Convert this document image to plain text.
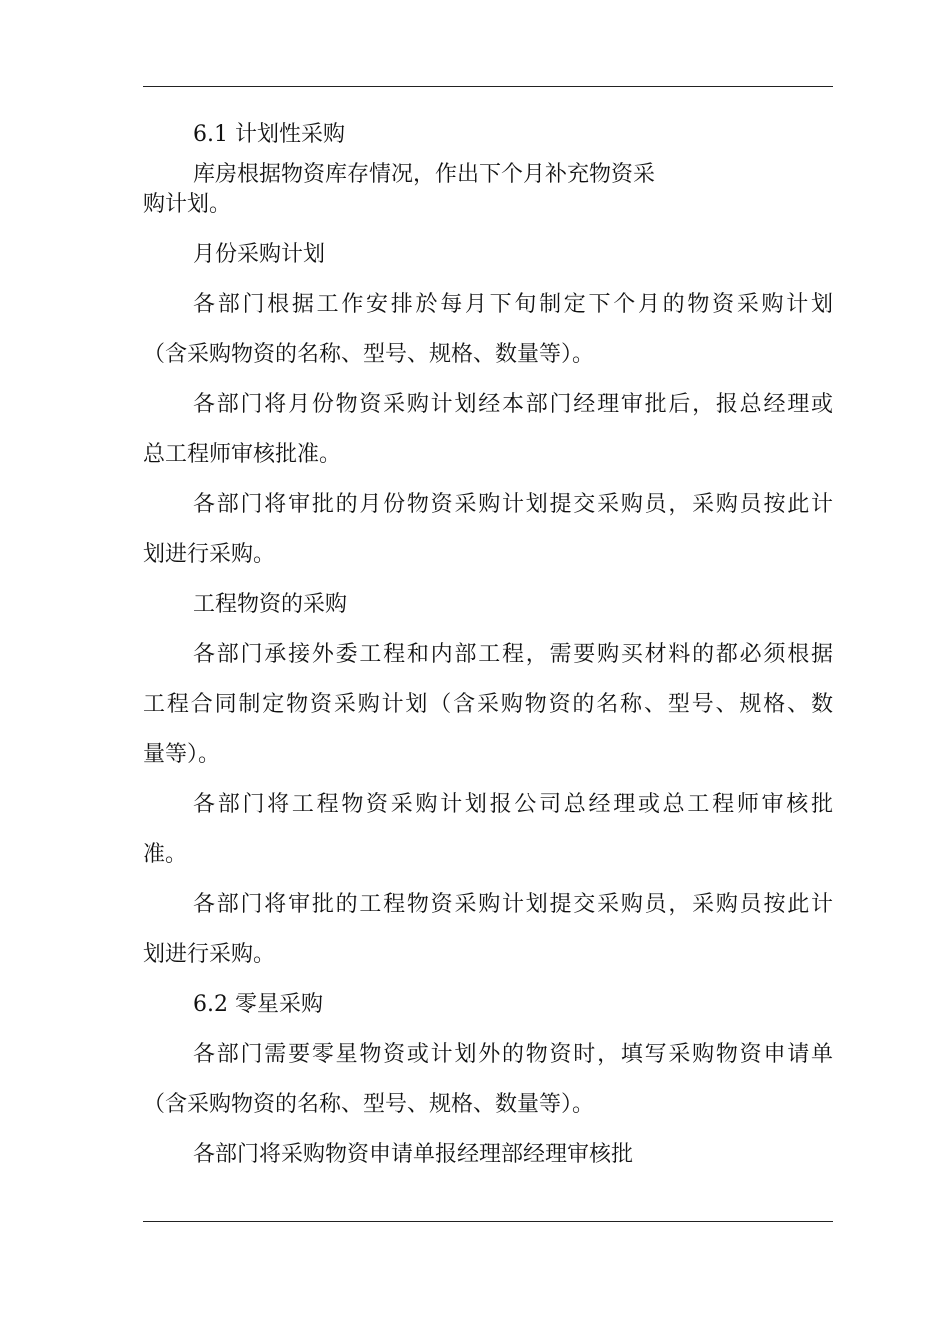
6.1 计划性采购
库房根据物资库存情况，作出下个月补充物资采
购计划。
月份采购计划
各部门根据工作安排於每月下旬制定下个月的物资采购计划
（含采购物资的名称、型号、规格、数量等）。
各部门将月份物资采购计划经本部门经理审批后，报总经理或
总工程师审核批准。
各部门将审批的月份物资采购计划提交采购员，采购员按此计
划进行采购。
工程物资的采购
各部门承接外委工程和内部工程，需要购买材料的都必须根据
工程合同制定物资采购计划（含采购物资的名称、型号、规格、数
量等）。
各部门将工程物资采购计划报公司总经理或总工程师审核批
准。
各部门将审批的工程物资采购计划提交采购员，采购员按此计
划进行采购。
6.2 零星采购
各部门需要零星物资或计划外的物资时，填写采购物资申请单
（含采购物资的名称、型号、规格、数量等）。
各部门将采购物资申请单报经理部经理审核批
